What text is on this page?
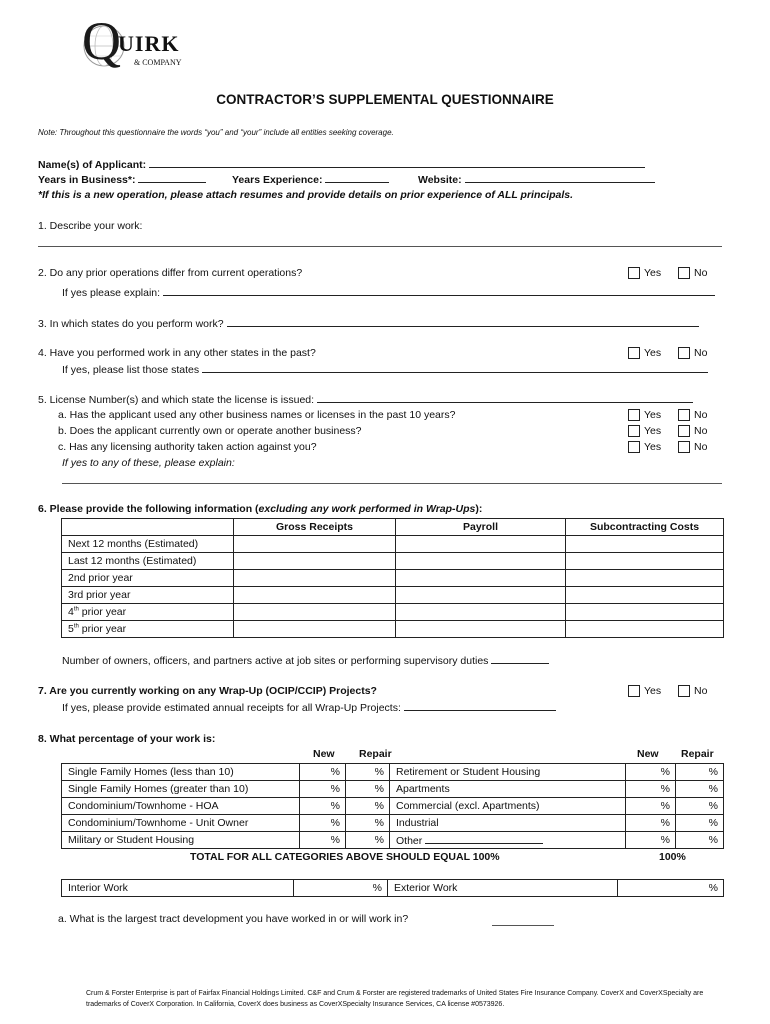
Q
UIRK
& COMPANY
CONTRACTOR’S SUPPLEMENTAL QUESTIONNAIRE
Note: Throughout this questionnaire the words “you” and “your” include all entities seeking coverage.
Name(s) of Applicant:
Years in Business*:	Years Experience:	Website:
*If this is a new operation, please attach resumes and provide details on prior experience of ALL principals.
1. Describe your work:
2. Do any prior operations differ from current operations?	Yes	No
If yes please explain:
3. In which states do you perform work?
4. Have you performed work in any other states in the past?	Yes	No
If yes, please list those states
5. License Number(s) and which state the license is issued:
a. Has the applicant used any other business names or licenses in the past 10 years?	Yes	No
b. Does the applicant currently own or operate another business?	Yes	No
c. Has any licensing authority taken action against you?	Yes	No
If yes to any of these, please explain:
6. Please provide the following information (excluding any work performed in Wrap-Ups):
	Gross Receipts	Payroll	Subcontracting Costs
Next 12 months (Estimated)			
Last 12 months (Estimated)			
2nd prior year			
3rd prior year			
4th prior year			
5th prior year			
Number of owners, officers, and partners active at job sites or performing supervisory duties
7. Are you currently working on any Wrap-Up (OCIP/CCIP) Projects?	Yes	No
If yes, please provide estimated annual receipts for all Wrap-Up Projects:
8. What percentage of your work is:
New Repair	New Repair
Single Family Homes (less than 10)	%	%	Retirement or Student Housing	%	%
Single Family Homes (greater than 10)	%	%	Apartments	%	%
Condominium/Townhome - HOA	%	%	Commercial (excl. Apartments)	%	%
Condominium/Townhome - Unit Owner	%	%	Industrial	%	%
Military or Student Housing	%	%	Other	%	%
TOTAL FOR ALL CATEGORIES ABOVE SHOULD EQUAL 100%	100%
Interior Work	%	Exterior Work	%
a. What is the largest tract development you have worked in or will work in?
Crum & Forster Enterprise is part of Fairfax Financial Holdings Limited. C&F and Crum & Forster are registered trademarks of United States Fire Insurance Company. CoverX and CoverXSpecialty are trademarks of CoverX Corporation. In California, CoverX does business as CoverXSpecialty Insurance Services, CA license #0573926.
